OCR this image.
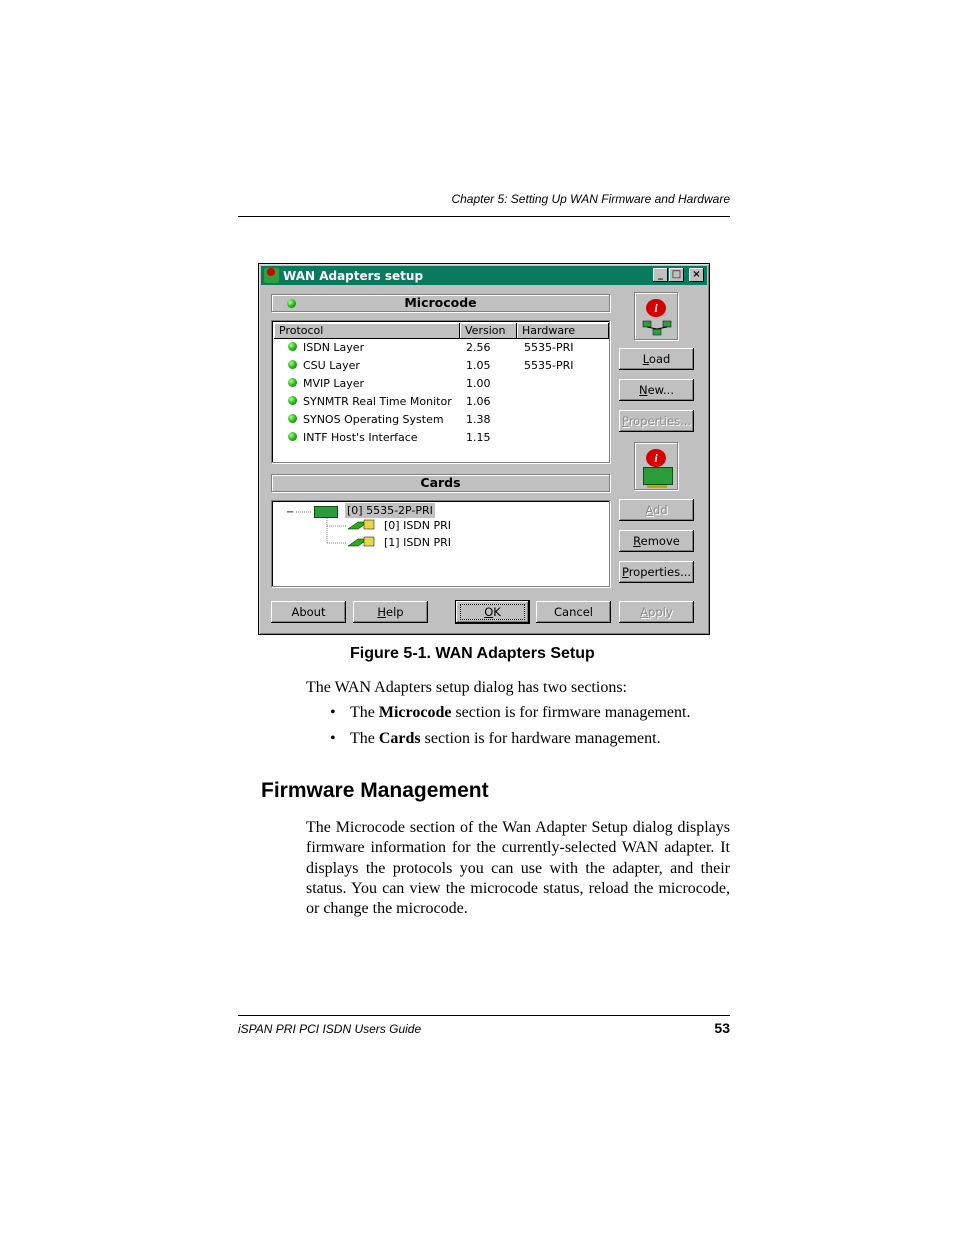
Chapter 5: Setting Up WAN Firmware and Hardware
WAN Adapters setup	_ □	×
Microcode
Protocol	Version	Hardware
ISDN Layer	2.56	5535-PRI
CSU Layer	1.05	5535-PRI
MVIP Layer	1.00
SYNMTR Real Time Monitor 1.06
SYNOS Operating System 1.38
INTF Host's Interface	1.15
i
Load
New...
Properties...
Cards
−	[0] 5535-2P-PRI
[0] ISDN PRI
[1] ISDN PRI
i
Add
Remove
Properties...
About	Help	OK	Cancel	Apply
Figure 5-1. WAN Adapters Setup
The WAN Adapters setup dialog has two sections:
• The Microcode section is for firmware management.
• The Cards section is for hardware management.
Firmware Management
The Microcode section of the Wan Adapter Setup dialog displays firmware information for the currently-selected WAN adapter. It displays the protocols you can use with the adapter, and their status. You can view the microcode status, reload the microcode, or change the microcode.
iSPAN PRI PCI ISDN Users Guide	53
